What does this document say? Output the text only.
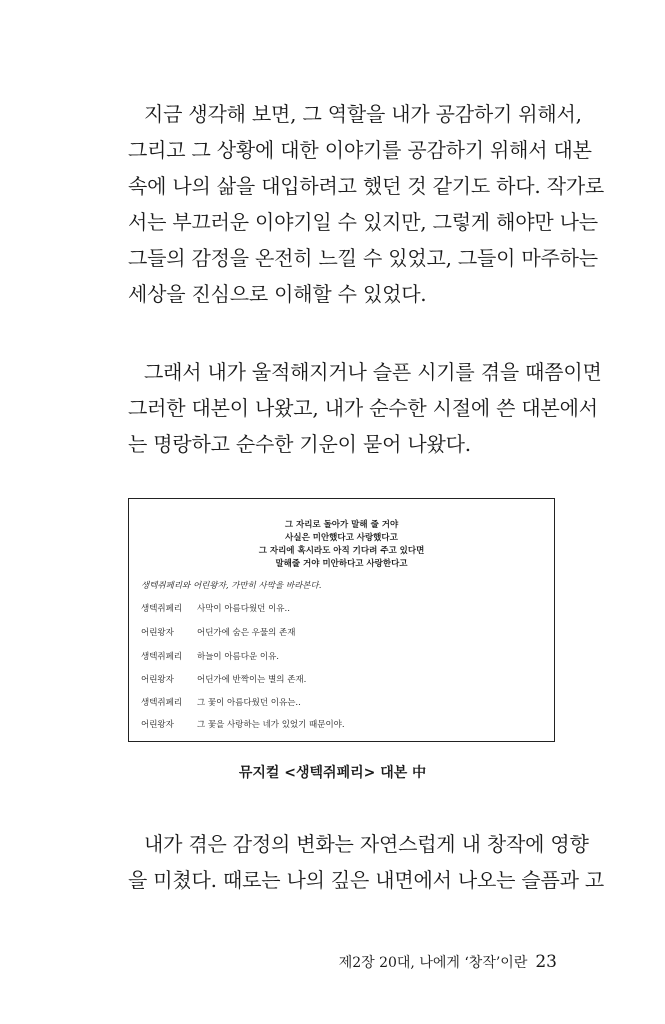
지금 생각해 보면, 그 역할을 내가 공감하기 위해서,
그리고 그 상황에 대한 이야기를 공감하기 위해서 대본
속에 나의 삶을 대입하려고 했던 것 같기도 하다. 작가로
서는 부끄러운 이야기일 수 있지만, 그렇게 해야만 나는
그들의 감정을 온전히 느낄 수 있었고, 그들이 마주하는
세상을 진심으로 이해할 수 있었다.

그래서 내가 울적해지거나 슬픈 시기를 겪을 때쯤이면
그러한 대본이 나왔고, 내가 순수한 시절에 쓴 대본에서
는 명랑하고 순수한 기운이 묻어 나왔다.

그 자리로 돌아가 말해 줄 거야
사실은 미안했다고 사랑했다고
그 자리에 혹시라도 아직 기다려 주고 있다면
말해줄 거야 미안하다고 사랑한다고
생텍쥐페리와 어린왕자, 가만히 사막을 바라본다.
생텍쥐페리 사막이 아름다웠던 이유..
어린왕자	어딘가에 숨은 우물의 존재
생텍쥐페리 하늘이 아름다운 이유.
어린왕자	어딘가에 반짝이는 별의 존재.
생텍쥐페리 그 꽃이 아름다웠던 이유는..
어린왕자	그 꽃을 사랑하는 네가 있었기 때문이야.
뮤지컬 <생텍쥐페리> 대본 中

내가 겪은 감정의 변화는 자연스럽게 내 창작에 영향
을 미쳤다. 때로는 나의 깊은 내면에서 나오는 슬픔과 고

제2장 20대, 나에게 ‘창작’이란 23
